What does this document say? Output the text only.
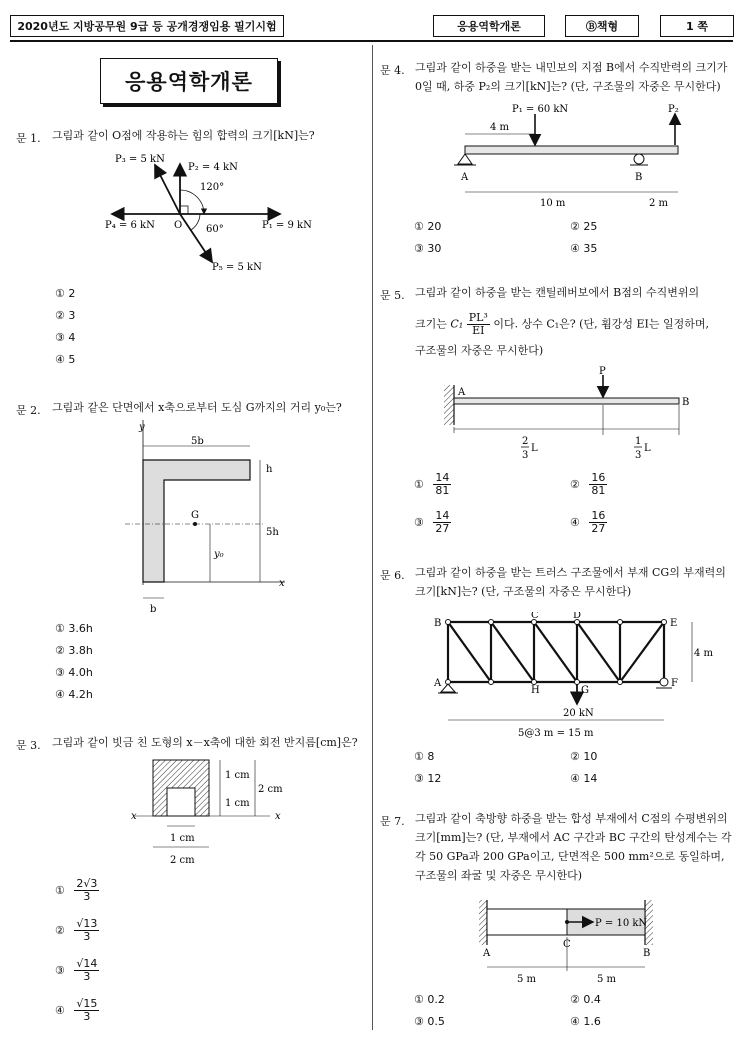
2020년도 지방공무원 9급 등 공개경쟁임용 필기시험	응용역학개론	Ⓑ책형	1 쪽
응용역학개론
문 1. 그림과 같이 O점에 작용하는 힘의 합력의 크기[kN]는?
P₃ = 5 kN
P₂ = 4 kN
120°
P₄ = 6 kN O	P₁ = 9 kN
60°
P₅ = 5 kN
① 2
② 3
③ 4
④ 5
문 2. 그림과 같은 단면에서 x축으로부터 도심 G까지의 거리 y₀는?
y
x
5b
h
5h
G
y₀
b
① 3.6h
② 3.8h
③ 4.0h
④ 4.2h
문 3. 그림과 같이 빗금 친 도형의 x－x축에 대한 회전 반지름[cm]은?
x	x
1 cm
1 cm
2 cm
1 cm
2 cm
① $\frac{2√3}{3}$
② $\frac{√13}{3}$
③ $\frac{√14}{3}$
④ $\frac{√15}{3}$
문 4. 그림과 같이 하중을 받는 내민보의 지점 B에서 수직반력의 크기가 0일 때, 하중 P₂의 크기[kN]는? (단, 구조물의 자중은 무시한다)
P₁ = 60 kN	P₂
4 m
A	B
10 m	2 m
① 20	② 25
③ 30	④ 35
문 5. 그림과 같이 하중을 받는 캔틸레버보에서 B점의 수직변위의
크기는 $C_1 \frac{\text{PL³}}{EI}$ 이다. 상수 C₁은? (단, 휨강성 EI는 일정하며,
구조물의 자중은 무시한다)
A
B
P
2
3
L
1
3
L
① $\frac{14}{81}$	② $\frac{16}{81}$
③ $\frac{14}{27}$	④ $\frac{16}{27}$
문 6. 그림과 같이 하중을 받는 트러스 구조물에서 부재 CG의 부재력의 크기[kN]는? (단, 구조물의 자중은 무시한다)
B
C	D
E
A
H	G
F
4 m
20 kN
5@3 m = 15 m
① 8	② 10
③ 12	④ 14
문 7. 그림과 같이 축방향 하중을 받는 합성 부재에서 C점의 수평변위의 크기[mm]는? (단, 부재에서 AC 구간과 BC 구간의 탄성계수는 각각 50 GPa과 200 GPa이고, 단면적은 500 mm²으로 동일하며, 구조물의 좌굴 및 자중은 무시한다)
P = 10 kN
A
C
B
5 m	5 m
① 0.2	② 0.4
③ 0.5	④ 1.6
